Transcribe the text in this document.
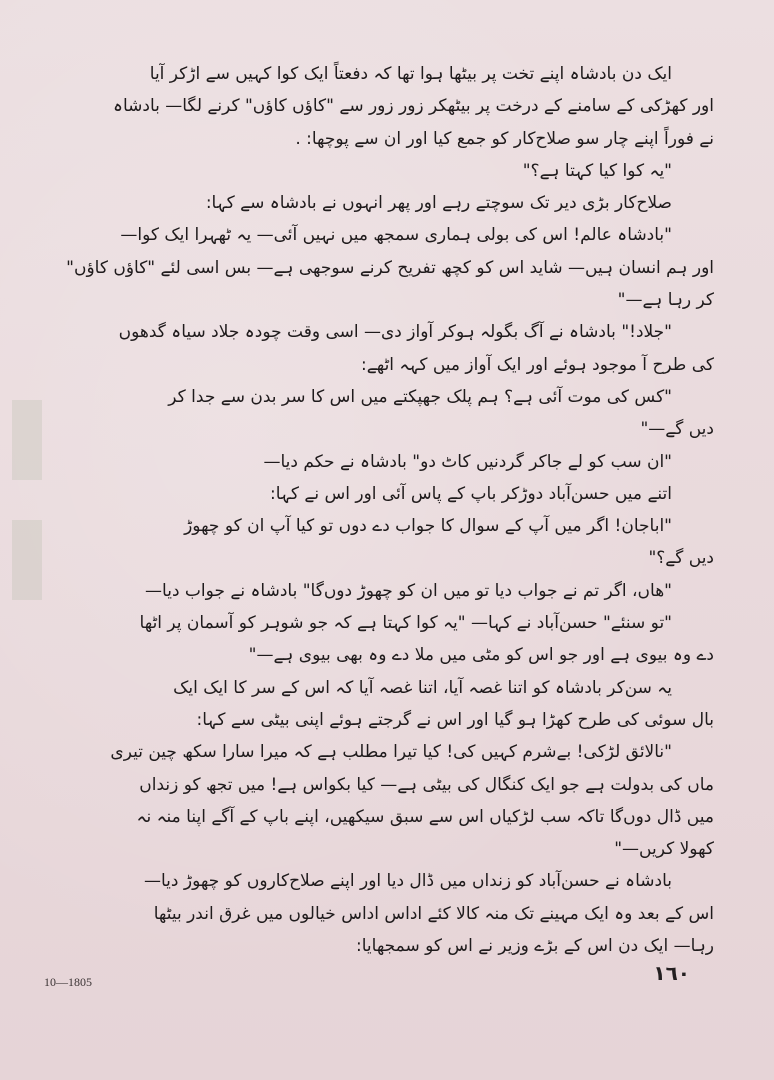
ایک دن بادشاہ اپنے تخت پر بیٹھا ہوا تھا کہ دفعتاً ایک کوا کہیں سے اڑکر آیا
اور کھڑکی کے سامنے کے درخت پر بیٹھکر زور زور سے "کاؤں کاؤں" کرنے لگا— بادشاہ
نے فوراً اپنے چار سو صلاح‌کار کو جمع کیا اور ان سے پوچھا: .
"یہ کوا کیا کہتا ہے؟"
صلاح‌کار بڑی دیر تک سوچتے رہے اور پھر انہوں نے بادشاہ سے کہا:
"بادشاہ عالم! اس کی بولی ہماری سمجھ میں نہیں آئی— یہ ٹھہرا ایک کوا—
اور ہم انسان ہیں— شاید اس کو کچھ تفریح کرنے سوجھی ہے— بس اسی لئے "کاؤں کاؤں"
کر رہا ہے—"
"جلاد!" بادشاہ نے آگ بگولہ ہوکر آواز دی— اسی وقت چودہ جلاد سیاہ گدھوں
کی طرح آ موجود ہوئے اور ایک آواز میں کہہ اٹھے:
"کس کی موت آئی ہے؟ ہم پلک جھپکتے میں اس کا سر بدن سے جدا کر
دیں گے—"
"ان سب کو لے جاکر گردنیں کاٹ دو" بادشاہ نے حکم دیا—
اتنے میں حسن‌آباد دوڑکر باپ کے پاس آئی اور اس نے کہا:
"اباجان! اگر میں آپ کے سوال کا جواب دے دوں تو کیا آپ ان کو چھوڑ
دیں گے؟"
"ھاں، اگر تم نے جواب دیا تو میں ان کو چھوڑ دوں‌گا" بادشاہ نے جواب دیا—
"تو سنئے" حسن‌آباد نے کہا— "یہ کوا کہتا ہے کہ جو شوہر کو آسمان پر اٹھا
دے وہ بیوی ہے اور جو اس کو مٹی میں ملا دے وہ بھی بیوی ہے—"
یہ سن‌کر بادشاہ کو اتنا غصہ آیا، اتنا غصہ آیا کہ اس کے سر کا ایک ایک
بال سوئی کی طرح کھڑا ہو گیا اور اس نے گرجتے ہوئے اپنی بیٹی سے کہا:
"نالائق لڑکی! بےشرم کہیں کی! کیا تیرا مطلب ہے کہ میرا سارا سکھ چین تیری
ماں کی بدولت ہے جو ایک کنگال کی بیٹی ہے— کیا بکواس ہے! میں تجھ کو زنداں
میں ڈال دوں‌گا تاکہ سب لڑکیاں اس سے سبق سیکھیں، اپنے باپ کے آگے اپنا منہ نہ
کھولا کریں—"
بادشاہ نے حسن‌آباد کو زنداں میں ڈال دیا اور اپنے صلاح‌کاروں کو چھوڑ دیا—
اس کے بعد وہ ایک مہینے تک منہ کالا کئے اداس اداس خیالوں میں غرق اندر بیٹھا
رہا— ایک دن اس کے بڑے وزیر نے اس کو سمجھایا:
10—1805	١٦٠
